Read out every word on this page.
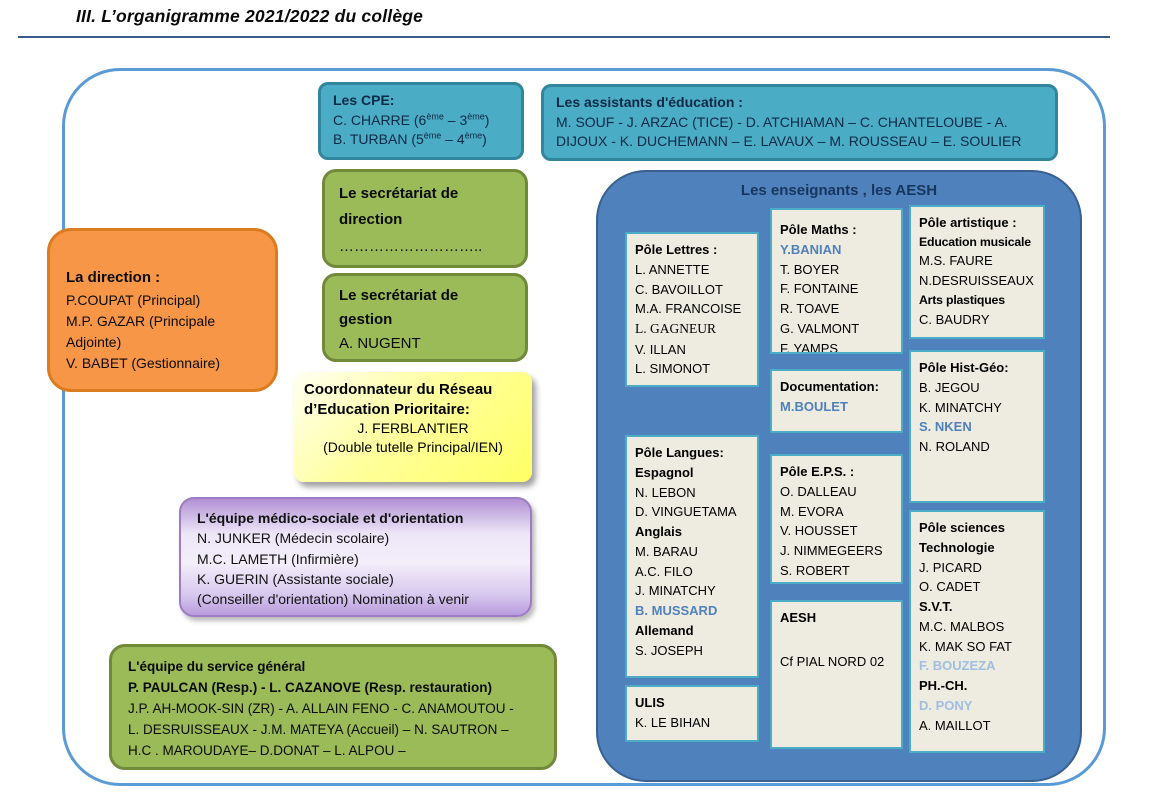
III. L’organigramme 2021/2022 du collège
Les CPE:
C. CHARRE (6ème – 3ème)
B. TURBAN (5ème – 4ème)
Les assistants d'éducation :
M. SOUF - J. ARZAC (TICE) - D. ATCHIAMAN – C. CHANTELOUBE - A. DIJOUX - K. DUCHEMANN – E. LAVAUX – M. ROUSSEAU – E. SOULIER
Le secrétariat de direction
………………………..
Le secrétariat de gestion
A. NUGENT
La direction :
P.COUPAT (Principal)
M.P. GAZAR (Principale Adjointe)
V. BABET (Gestionnaire)
Coordonnateur du Réseau
d’Education Prioritaire:
J. FERBLANTIER
(Double tutelle Principal/IEN)
L'équipe médico-sociale et d'orientation
N. JUNKER (Médecin scolaire)
M.C. LAMETH (Infirmière)
K. GUERIN (Assistante sociale)
(Conseiller d'orientation) Nomination à venir
L'équipe du service général
P. PAULCAN (Resp.) - L. CAZANOVE (Resp. restauration)
J.P. AH-MOOK-SIN (ZR) - A. ALLAIN FENO - C. ANAMOUTOU -
L. DESRUISSEAUX - J.M. MATEYA (Accueil) – N. SAUTRON –
H.C . MAROUDAYE– D.DONAT – L. ALPOU –
Les enseignants , les AESH
Pôle Lettres :
L. ANNETTE
C. BAVOILLOT
M.A. FRANCOISE
L. GAGNEUR
V. ILLAN
L. SIMONOT
Pôle Maths :
Y.BANIAN
T. BOYER
F. FONTAINE
R. TOAVE
G. VALMONT
F. YAMPS
Pôle artistique :
Education musicale
M.S. FAURE
N.DESRUISSEAUX
Arts plastiques
C. BAUDRY
Documentation:
M.BOULET
Pôle Hist-Géo:
B. JEGOU
K. MINATCHY
S. NKEN
N. ROLAND
Pôle Langues:
Espagnol
N. LEBON
D. VINGUETAMA
Anglais
M. BARAU
A.C. FILO
J. MINATCHY
B. MUSSARD
Allemand
S. JOSEPH
Pôle E.P.S. :
O. DALLEAU
M. EVORA
V. HOUSSET
J. NIMMEGEERS
S. ROBERT
Pôle sciences
Technologie
J. PICARD
O. CADET
S.V.T.
M.C. MALBOS
K. MAK SO FAT
F. BOUZEZA
PH.-CH.
D. PONY
A. MAILLOT
AESH
Cf PIAL NORD 02
ULIS
K. LE BIHAN
